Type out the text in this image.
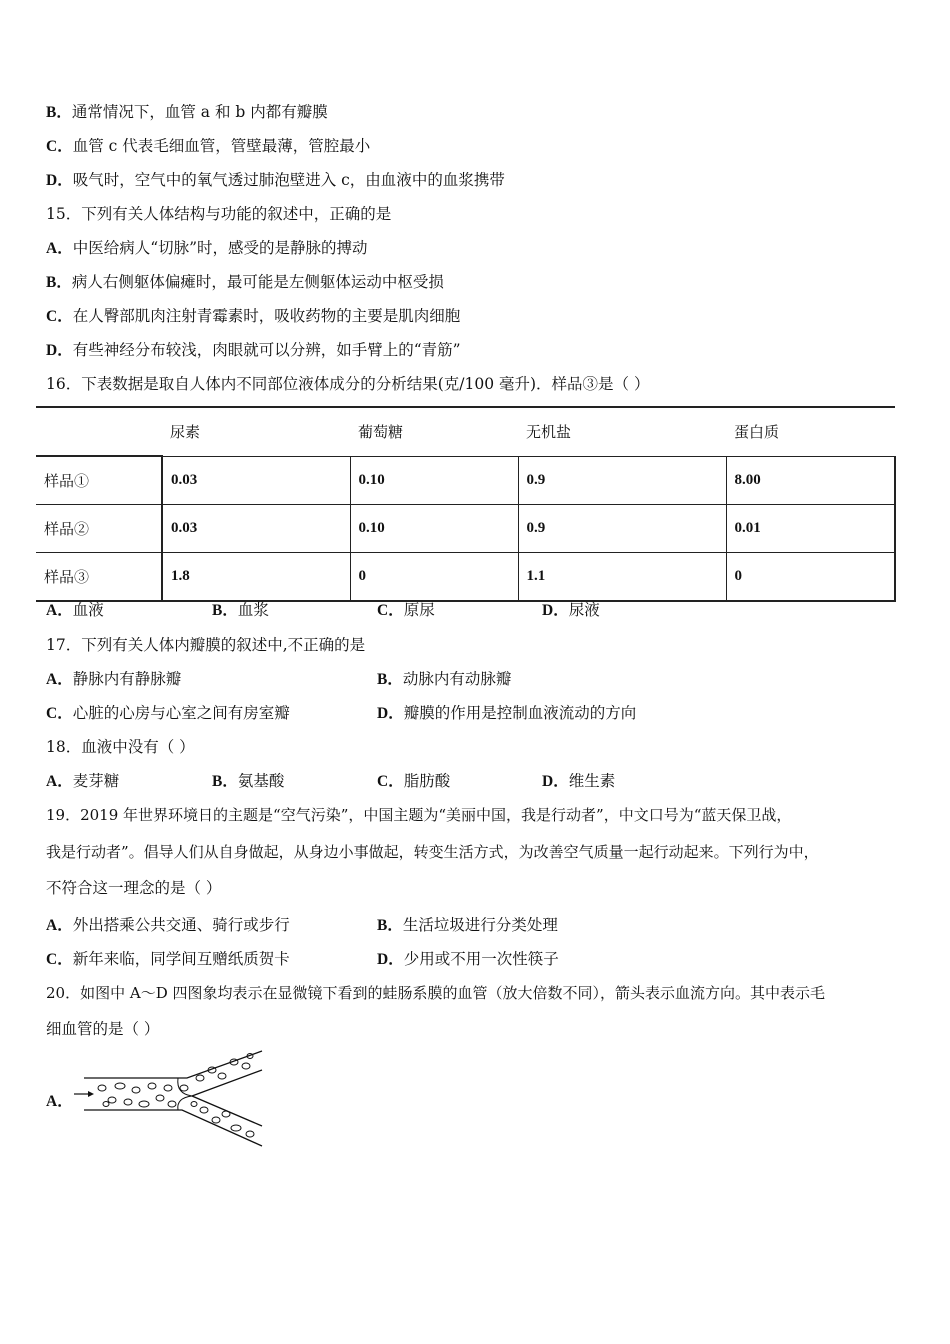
B．通常情况下，血管 a 和 b 内都有瓣膜
C．血管 c 代表毛细血管，管壁最薄，管腔最小
D．吸气时，空气中的氧气透过肺泡壁进入 c，由血液中的血浆携带
15．下列有关人体结构与功能的叙述中，正确的是
A．中医给病人“切脉”时，感受的是静脉的搏动
B．病人右侧躯体偏瘫时，最可能是左侧躯体运动中枢受损
C．在人臀部肌肉注射青霉素时，吸收药物的主要是肌肉细胞
D．有些神经分布较浅，肉眼就可以分辨，如手臂上的“青筋”
16．下表数据是取自人体内不同部位液体成分的分析结果(克/100 毫升)．样品③是（ ）
	尿素	葡萄糖	无机盐	蛋白质
样品①	0.03	0.10	0.9	8.00
样品②	0.03	0.10	0.9	0.01
样品③	1.8	0	1.1	0
A．血液	B．血浆	C．原尿	D．尿液
17．下列有关人体内瓣膜的叙述中,不正确的是
A．静脉内有静脉瓣	B．动脉内有动脉瓣
C．心脏的心房与心室之间有房室瓣	D．瓣膜的作用是控制血液流动的方向
18．血液中没有（ ）
A．麦芽糖	B．氨基酸	C．脂肪酸	D．维生素
19．2019 年世界环境日的主题是“空气污染”，中国主题为“美丽中国，我是行动者”，中文口号为“蓝天保卫战，
我是行动者”。倡导人们从自身做起，从身边小事做起，转变生活方式，为改善空气质量一起行动起来。下列行为中，
不符合这一理念的是（ ）
A．外出搭乘公共交通、骑行或步行	B．生活垃圾进行分类处理
C．新年来临，同学间互赠纸质贺卡	D．少用或不用一次性筷子
20．如图中 A～D 四图象均表示在显微镜下看到的蛙肠系膜的血管（放大倍数不同），箭头表示血流方向。其中表示毛
细血管的是（ ）
A．
